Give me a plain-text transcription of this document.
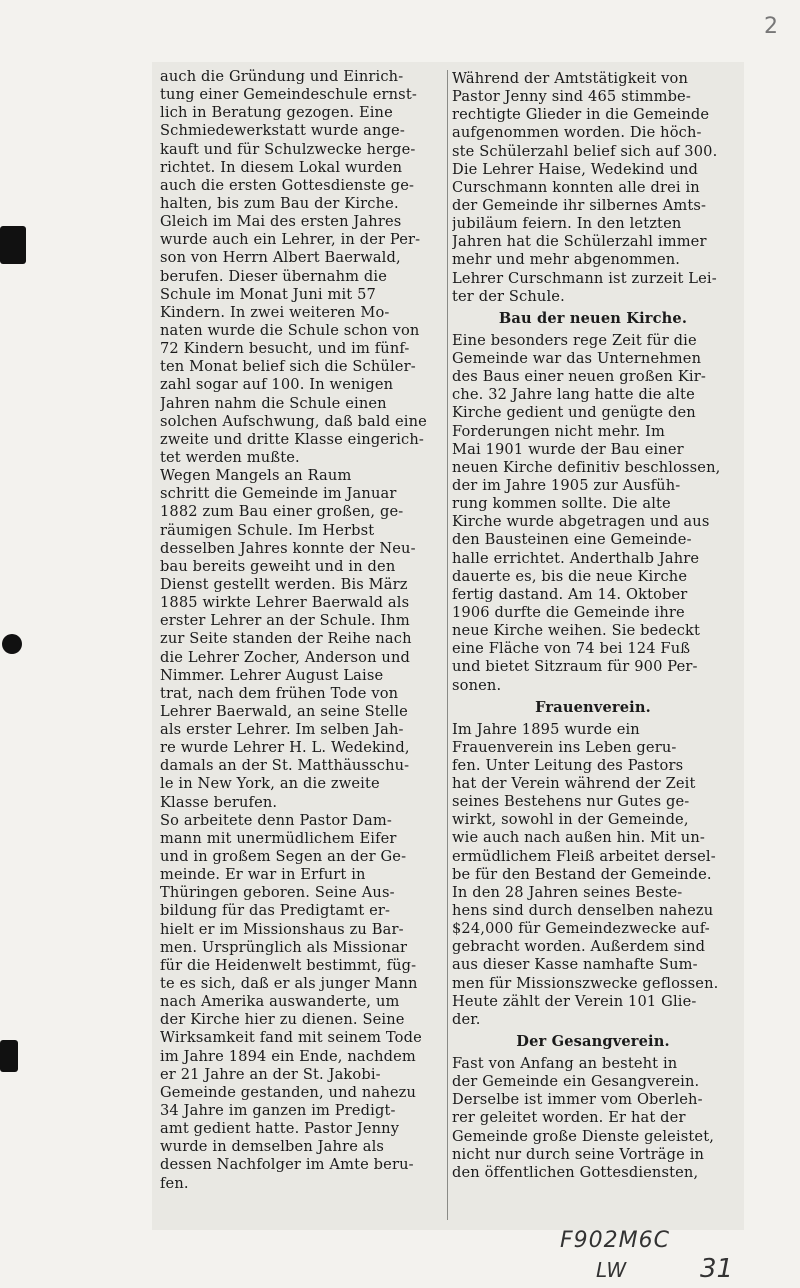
auch die Gründung und Einrich-
tung einer Gemeindeschule ernst-
lich in Beratung gezogen. Eine
Schmiedewerkstatt wurde ange-
kauft und für Schulzwecke herge-
richtet. In diesem Lokal wurden
auch die ersten Gottesdienste ge-
halten, bis zum Bau der Kirche.
Gleich im Mai des ersten Jahres
wurde auch ein Lehrer, in der Per-
son von Herrn Albert Baerwald,
berufen. Dieser übernahm die
Schule im Monat Juni mit 57
Kindern. In zwei weiteren Mo-
naten wurde die Schule schon von
72 Kindern besucht, und im fünf-
ten Monat belief sich die Schüler-
zahl sogar auf 100. In wenigen
Jahren nahm die Schule einen
solchen Aufschwung, daß bald eine
zweite und dritte Klasse eingerich-
tet werden mußte.
Wegen Mangels an Raum
schritt die Gemeinde im Januar
1882 zum Bau einer großen, ge-
räumigen Schule. Im Herbst
desselben Jahres konnte der Neu-
bau bereits geweiht und in den
Dienst gestellt werden. Bis März
1885 wirkte Lehrer Baerwald als
erster Lehrer an der Schule. Ihm
zur Seite standen der Reihe nach
die Lehrer Zocher, Anderson und
Nimmer. Lehrer August Laise
trat, nach dem frühen Tode von
Lehrer Baerwald, an seine Stelle
als erster Lehrer. Im selben Jah-
re wurde Lehrer H. L. Wedekind,
damals an der St. Matthäusschu-
le in New York, an die zweite
Klasse berufen.
So arbeitete denn Pastor Dam-
mann mit unermüdlichem Eifer
und in großem Segen an der Ge-
meinde. Er war in Erfurt in
Thüringen geboren. Seine Aus-
bildung für das Predigtamt er-
hielt er im Missionshaus zu Bar-
men. Ursprünglich als Missionar
für die Heidenwelt bestimmt, füg-
te es sich, daß er als junger Mann
nach Amerika auswanderte, um
der Kirche hier zu dienen. Seine
Wirksamkeit fand mit seinem Tode
im Jahre 1894 ein Ende, nachdem
er 21 Jahre an der St. Jakobi-
Gemeinde gestanden, und nahezu
34 Jahre im ganzen im Predigt-
amt gedient hatte. Pastor Jenny
wurde in demselben Jahre als
dessen Nachfolger im Amte beru-
fen.
Während der Amtstätigkeit von
Pastor Jenny sind 465 stimmbe-
rechtigte Glieder in die Gemeinde
aufgenommen worden. Die höch-
ste Schülerzahl belief sich auf 300.
Die Lehrer Haise, Wedekind und
Curschmann konnten alle drei in
der Gemeinde ihr silbernes Amts-
jubiläum feiern. In den letzten
Jahren hat die Schülerzahl immer
mehr und mehr abgenommen.
Lehrer Curschmann ist zurzeit Lei-
ter der Schule.
Bau der neuen Kirche.
Eine besonders rege Zeit für die
Gemeinde war das Unternehmen
des Baus einer neuen großen Kir-
che. 32 Jahre lang hatte die alte
Kirche gedient und genügte den
Forderungen nicht mehr. Im
Mai 1901 wurde der Bau einer
neuen Kirche definitiv beschlossen,
der im Jahre 1905 zur Ausfüh-
rung kommen sollte. Die alte
Kirche wurde abgetragen und aus
den Bausteinen eine Gemeinde-
halle errichtet. Anderthalb Jahre
dauerte es, bis die neue Kirche
fertig dastand. Am 14. Oktober
1906 durfte die Gemeinde ihre
neue Kirche weihen. Sie bedeckt
eine Fläche von 74 bei 124 Fuß
und bietet Sitzraum für 900 Per-
sonen.
Frauenverein.
Im Jahre 1895 wurde ein
Frauenverein ins Leben geru-
fen. Unter Leitung des Pastors
hat der Verein während der Zeit
seines Bestehens nur Gutes ge-
wirkt, sowohl in der Gemeinde,
wie auch nach außen hin. Mit un-
ermüdlichem Fleiß arbeitet dersel-
be für den Bestand der Gemeinde.
In den 28 Jahren seines Beste-
hens sind durch denselben nahezu
$24,000 für Gemeindezwecke auf-
gebracht worden. Außerdem sind
aus dieser Kasse namhafte Sum-
men für Missionszwecke geflossen.
Heute zählt der Verein 101 Glie-
der.
Der Gesangverein.
Fast von Anfang an besteht in
der Gemeinde ein Gesangverein.
Derselbe ist immer vom Oberleh-
rer geleitet worden. Er hat der
Gemeinde große Dienste geleistet,
nicht nur durch seine Vorträge in
den öffentlichen Gottesdiensten,
2
F902M6C
LW	31
